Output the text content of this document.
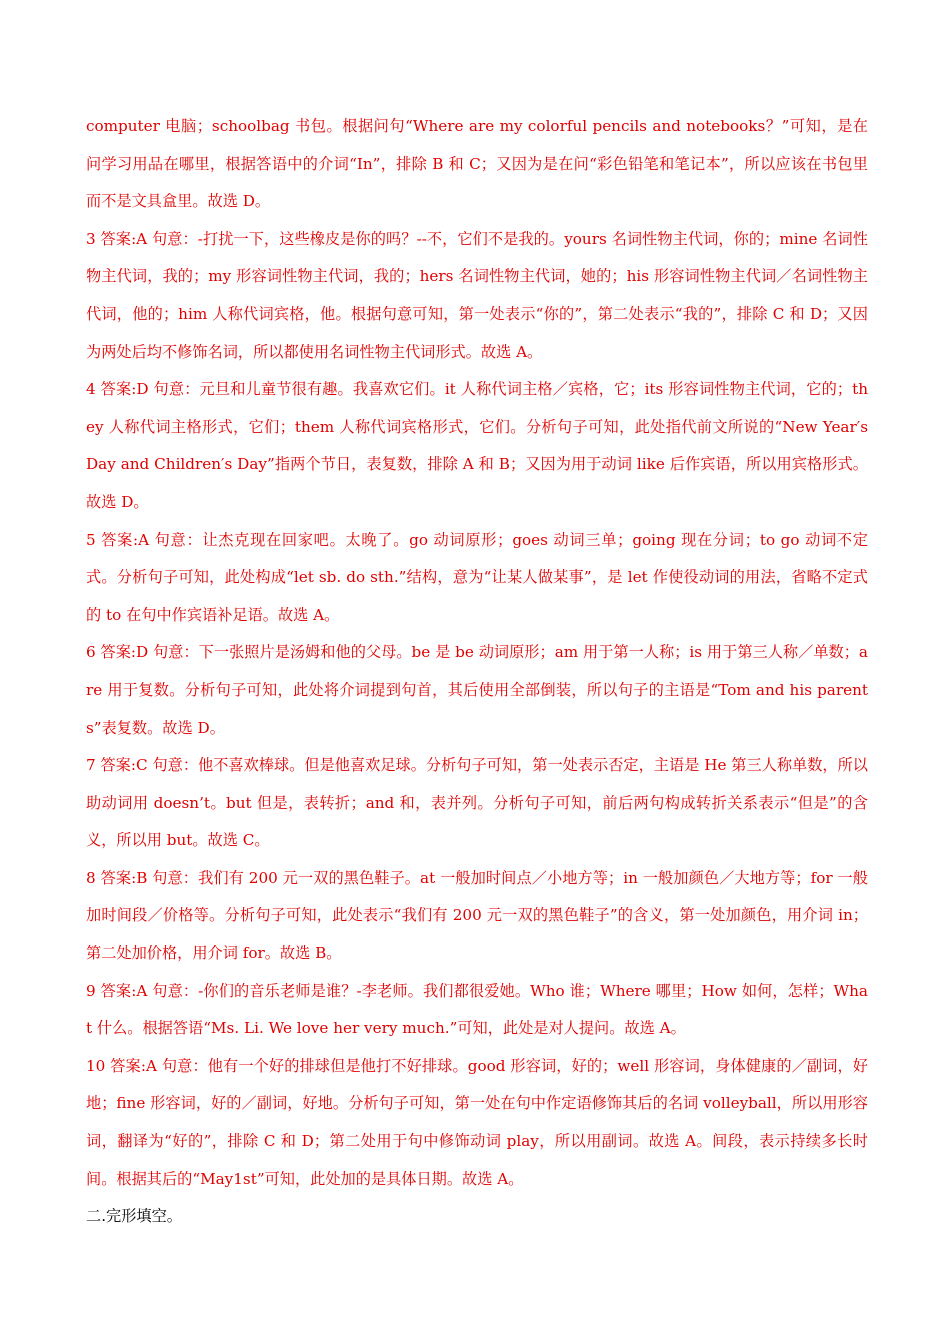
computer 电脑；schoolbag 书包。根据问句“Where are my colorful pencils and notebooks？”可知，是在问学习用品在哪里，根据答语中的介词“In”，排除 B 和 C；又因为是在问“彩色铅笔和笔记本”，所以应该在书包里而不是文具盒里。故选 D。

3 答案:A 句意：-打扰一下，这些橡皮是你的吗？--不，它们不是我的。yours 名词性物主代词，你的；mine 名词性物主代词，我的；my 形容词性物主代词，我的；hers 名词性物主代词，她的；his 形容词性物主代词／名词性物主代词，他的；him 人称代词宾格，他。根据句意可知，第一处表示“你的”，第二处表示“我的”，排除 C 和 D；又因为两处后均不修饰名词，所以都使用名词性物主代词形式。故选 A。

4 答案:D 句意：元旦和儿童节很有趣。我喜欢它们。it 人称代词主格／宾格，它；its 形容词性物主代词，它的；they 人称代词主格形式，它们；them 人称代词宾格形式，它们。分析句子可知，此处指代前文所说的“New Year′s Day and Children′s Day”指两个节日，表复数，排除 A 和 B；又因为用于动词 like 后作宾语，所以用宾格形式。故选 D。

5 答案:A 句意：让杰克现在回家吧。太晚了。go 动词原形；goes 动词三单；going 现在分词；to go 动词不定式。分析句子可知，此处构成“let sb. do sth.”结构，意为“让某人做某事”，是 let 作使役动词的用法，省略不定式的 to 在句中作宾语补足语。故选 A。

6 答案:D 句意：下一张照片是汤姆和他的父母。be 是 be 动词原形；am 用于第一人称；is 用于第三人称／单数；are 用于复数。分析句子可知，此处将介词提到句首，其后使用全部倒装，所以句子的主语是“Tom and his parents”表复数。故选 D。

7 答案:C 句意：他不喜欢棒球。但是他喜欢足球。分析句子可知，第一处表示否定，主语是 He 第三人称单数，所以助动词用 doesn’t。but 但是，表转折；and 和，表并列。分析句子可知，前后两句构成转折关系表示“但是”的含义，所以用 but。故选 C。

8 答案:B 句意：我们有 200 元一双的黑色鞋子。at 一般加时间点／小地方等；in 一般加颜色／大地方等；for 一般加时间段／价格等。分析句子可知，此处表示“我们有 200 元一双的黑色鞋子”的含义，第一处加颜色，用介词 in；第二处加价格，用介词 for。故选 B。

9 答案:A 句意：-你们的音乐老师是谁？-李老师。我们都很爱她。Who 谁；Where 哪里；How 如何，怎样；What 什么。根据答语“Ms. Li. We love her very much.”可知，此处是对人提问。故选 A。

10 答案:A 句意：他有一个好的排球但是他打不好排球。good 形容词，好的；well 形容词，身体健康的／副词，好地；fine 形容词，好的／副词，好地。分析句子可知，第一处在句中作定语修饰其后的名词 volleyball，所以用形容词，翻译为“好的”，排除 C 和 D；第二处用于句中修饰动词 play，所以用副词。故选 A。间段，表示持续多长时间。根据其后的“May1st”可知，此处加的是具体日期。故选 A。

二.完形填空。
